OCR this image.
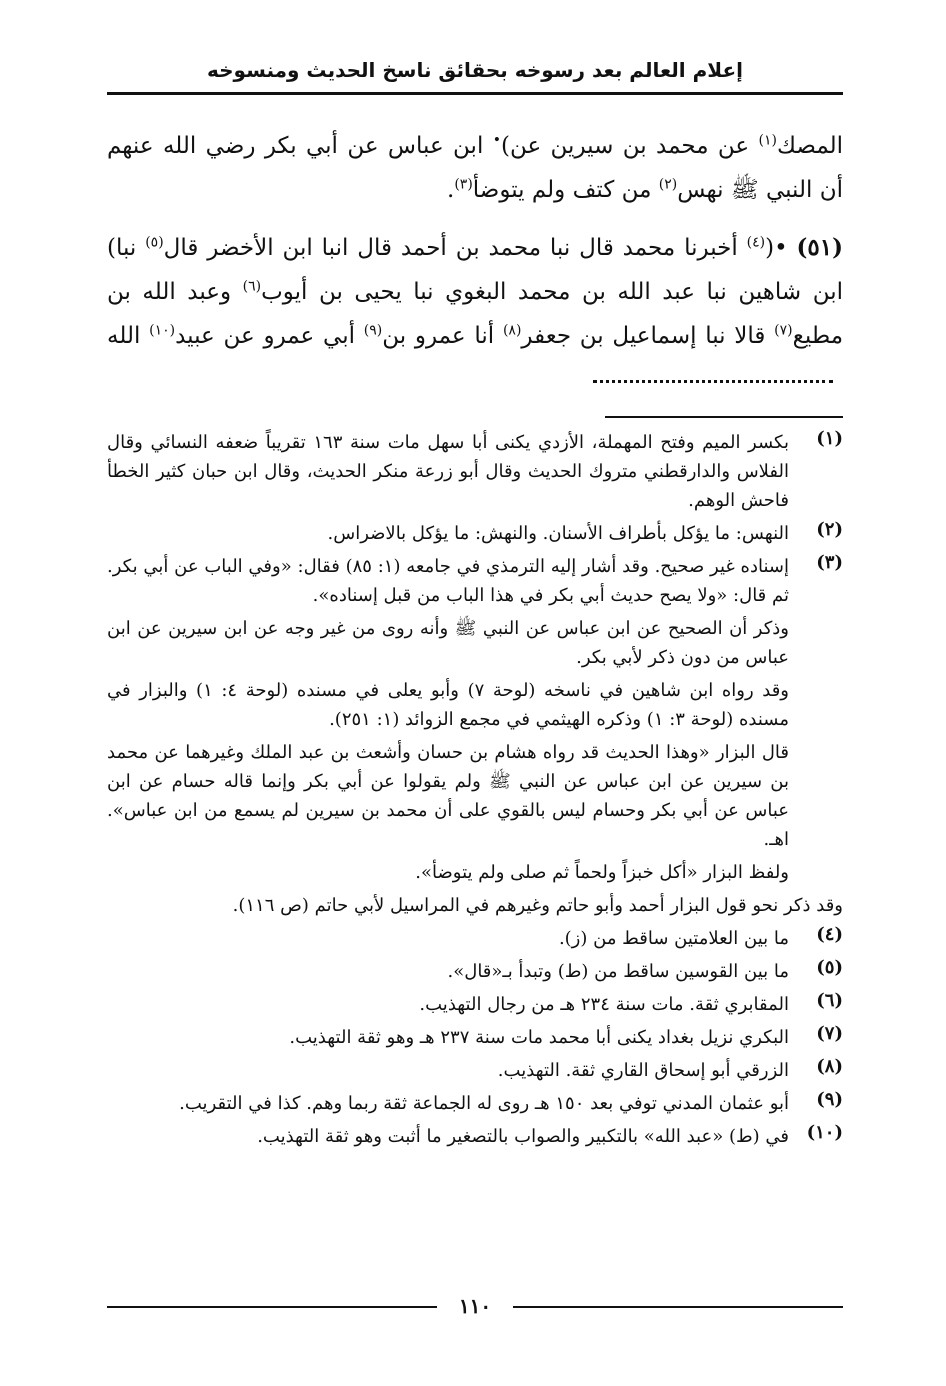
إعلام العالم بعد رسوخه بحقائق ناسخ الحديث ومنسوخه

المصك$^{(١)}$ عن محمد بن سيرين عن)• ابن عباس عن أبي بكر رضي الله عنهم أن النبي ﷺ نهس$^{(٢)}$ من كتف ولم يتوضأ$^{(٣)}$.

(٥١) •($^{(٤)}$ أخبرنا محمد قال نبا محمد بن أحمد قال انبا ابن الأخضر قال$^{(٥)}$ نبا) ابن شاهين نبا عبد الله بن محمد البغوي نبا يحيى بن أيوب$^{(٦)}$ وعبد الله بن مطيع$^{(٧)}$ قالا نبا إسماعيل بن جعفر$^{(٨)}$ أنا عمرو بن$^{(٩)}$ أبي عمرو عن عبيد$^{(١٠)}$ الله

(١)

بكسر الميم وفتح المهملة، الأزدي يكنى أبا سهل مات سنة ١٦٣ تقريباً ضعفه النسائي وقال الفلاس والدارقطني متروك الحديث وقال أبو زرعة منكر الحديث، وقال ابن حبان كثير الخطأ فاحش الوهم.

(٢)

النهس: ما يؤكل بأطراف الأسنان. والنهش: ما يؤكل بالاضراس.

(٣)

إسناده غير صحيح. وقد أشار إليه الترمذي في جامعه (١: ٨٥) فقال: «وفي الباب عن أبي بكر. ثم قال: «ولا يصح حديث أبي بكر في هذا الباب من قبل إسناده».

وذكر أن الصحيح عن ابن عباس عن النبي ﷺ وأنه روى من غير وجه عن ابن سيرين عن ابن عباس من دون ذكر لأبي بكر.

وقد رواه ابن شاهين في ناسخه (لوحة ٧) وأبو يعلى في مسنده (لوحة ٤: ١) والبزار في مسنده (لوحة ٣: ١) وذكره الهيثمي في مجمع الزوائد (١: ٢٥١).

قال البزار «وهذا الحديث قد رواه هشام بن حسان وأشعث بن عبد الملك وغيرهما عن محمد بن سيرين عن ابن عباس عن النبي ﷺ ولم يقولوا عن أبي بكر وإنما قاله حسام عن ابن عباس عن أبي بكر وحسام ليس بالقوي على أن محمد بن سيرين لم يسمع من ابن عباس». اهـ.

ولفظ البزار «أكل خبزاً ولحماً ثم صلى ولم يتوضأ».

وقد ذكر نحو قول البزار أحمد وأبو حاتم وغيرهم في المراسيل لأبي حاتم (ص ١١٦).

(٤)

ما بين العلامتين ساقط من (ز).

(٥)

ما بين القوسين ساقط من (ط) وتبدأ بـ«قال».

(٦)

المقابري ثقة. مات سنة ٢٣٤ هـ من رجال التهذيب.

(٧)

البكري نزيل بغداد يكنى أبا محمد مات سنة ٢٣٧ هـ وهو ثقة التهذيب.

(٨)

الزرقي أبو إسحاق القاري ثقة. التهذيب.

(٩)

أبو عثمان المدني توفي بعد ١٥٠ هـ روى له الجماعة ثقة ربما وهم. كذا في التقريب.

(١٠)

في (ط) «عبد الله» بالتكبير والصواب بالتصغير ما أثبت وهو ثقة التهذيب.

١١٠
